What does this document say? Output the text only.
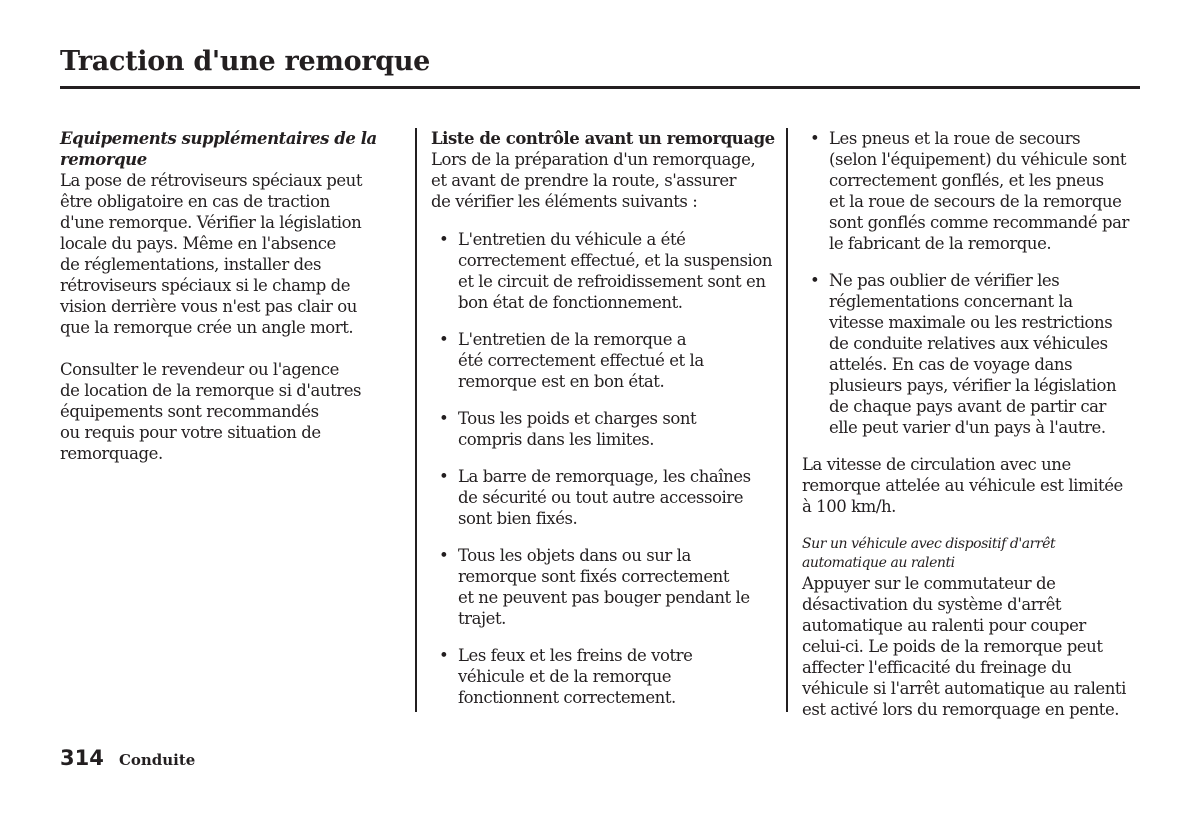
Traction d'une remorque
Equipements supplémentaires de la
remorque
La pose de rétroviseurs spéciaux peut
être obligatoire en cas de traction
d'une remorque. Vérifier la législation
locale du pays. Même en l'absence
de réglementations, installer des
rétroviseurs spéciaux si le champ de
vision derrière vous n'est pas clair ou
que la remorque crée un angle mort.
Consulter le revendeur ou l'agence
de location de la remorque si d'autres
équipements sont recommandés
ou requis pour votre situation de
remorquage.
Liste de contrôle avant un remorquage
Lors de la préparation d'un remorquage,
et avant de prendre la route, s'assurer
de vérifier les éléments suivants :
• L'entretien du véhicule a été
correctement effectué, et la suspension
et le circuit de refroidissement sont en
bon état de fonctionnement.
• L'entretien de la remorque a
été correctement effectué et la
remorque est en bon état.
• Tous les poids et charges sont
compris dans les limites.
• La barre de remorquage, les chaînes
de sécurité ou tout autre accessoire
sont bien fixés.
• Tous les objets dans ou sur la
remorque sont fixés correctement
et ne peuvent pas bouger pendant le
trajet.
• Les feux et les freins de votre
véhicule et de la remorque
fonctionnent correctement.
• Les pneus et la roue de secours
(selon l'équipement) du véhicule sont
correctement gonflés, et les pneus
et la roue de secours de la remorque
sont gonflés comme recommandé par
le fabricant de la remorque.
• Ne pas oublier de vérifier les
réglementations concernant la
vitesse maximale ou les restrictions
de conduite relatives aux véhicules
attelés. En cas de voyage dans
plusieurs pays, vérifier la législation
de chaque pays avant de partir car
elle peut varier d'un pays à l'autre.
La vitesse de circulation avec une
remorque attelée au véhicule est limitée
à 100 km/h.
Sur un véhicule avec dispositif d'arrêt
automatique au ralenti
Appuyer sur le commutateur de
désactivation du système d'arrêt
automatique au ralenti pour couper
celui-ci. Le poids de la remorque peut
affecter l'efficacité du freinage du
véhicule si l'arrêt automatique au ralenti
est activé lors du remorquage en pente.
314 Conduite
